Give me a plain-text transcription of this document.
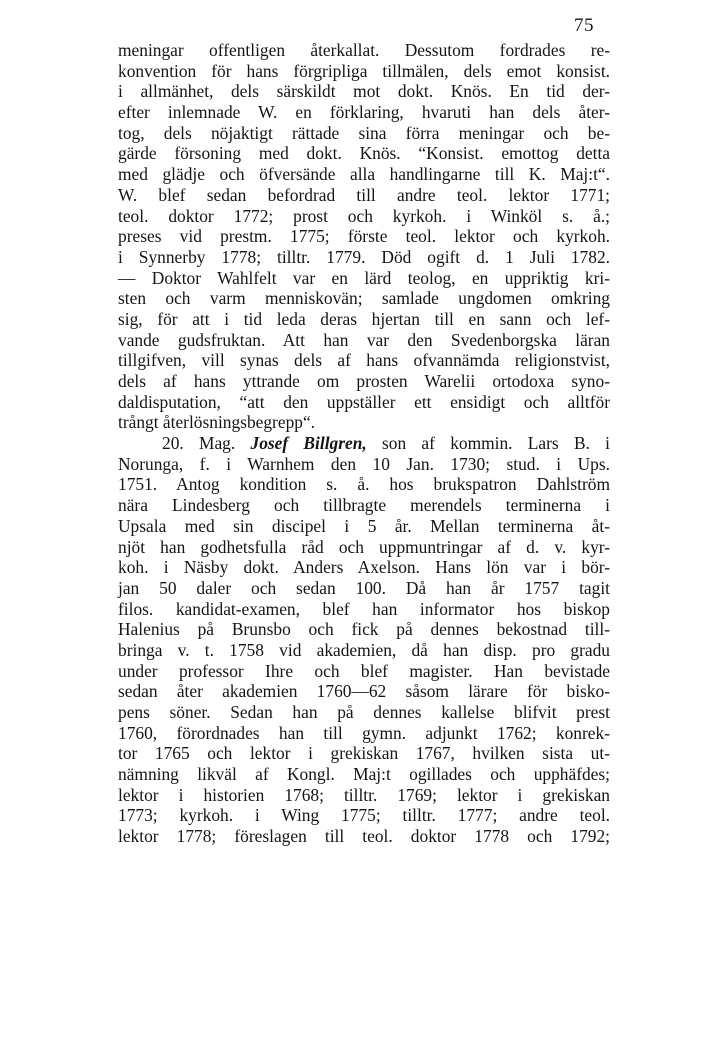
75
meningar offentligen återkallat. Dessutom fordrades re-
konvention för hans förgripliga tillmälen, dels emot konsist.
i allmänhet, dels särskildt mot dokt. Knös. En tid der-
efter inlemnade W. en förklaring, hvaruti han dels åter-
tog, dels nöjaktigt rättade sina förra meningar och be-
gärde försoning med dokt. Knös. “Konsist. emottog detta
med glädje och öfversände alla handlingarne till K. Maj:t“.
W. blef sedan befordrad till andre teol. lektor 1771;
teol. doktor 1772; prost och kyrkoh. i Winköl s. å.;
preses vid prestm. 1775; förste teol. lektor och kyrkoh.
i Synnerby 1778; tilltr. 1779. Död ogift d. 1 Juli 1782.
— Doktor Wahlfelt var en lärd teolog, en uppriktig kri-
sten och varm menniskovän; samlade ungdomen omkring
sig, för att i tid leda deras hjertan till en sann och lef-
vande gudsfruktan. Att han var den Svedenborgska läran
tillgifven, vill synas dels af hans ofvannämda religionstvist,
dels af hans yttrande om prosten Warelii ortodoxa syno-
daldisputation, “att den uppställer ett ensidigt och alltför
trångt återlösningsbegrepp“.
20. Mag. Josef Billgren, son af kommin. Lars B. i
Norunga, f. i Warnhem den 10 Jan. 1730; stud. i Ups.
1751. Antog kondition s. å. hos brukspatron Dahlström
nära Lindesberg och tillbragte merendels terminerna i
Upsala med sin discipel i 5 år. Mellan terminerna åt-
njöt han godhetsfulla råd och uppmuntringar af d. v. kyr-
koh. i Näsby dokt. Anders Axelson. Hans lön var i bör-
jan 50 daler och sedan 100. Då han år 1757 tagit
filos. kandidat-examen, blef han informator hos biskop
Halenius på Brunsbo och fick på dennes bekostnad till-
bringa v. t. 1758 vid akademien, då han disp. pro gradu
under professor Ihre och blef magister. Han bevistade
sedan åter akademien 1760—62 såsom lärare för bisko-
pens söner. Sedan han på dennes kallelse blifvit prest
1760, förordnades han till gymn. adjunkt 1762; konrek-
tor 1765 och lektor i grekiskan 1767, hvilken sista ut-
nämning likväl af Kongl. Maj:t ogillades och upphäfdes;
lektor i historien 1768; tilltr. 1769; lektor i grekiskan
1773; kyrkoh. i Wing 1775; tilltr. 1777; andre teol.
lektor 1778; föreslagen till teol. doktor 1778 och 1792;
